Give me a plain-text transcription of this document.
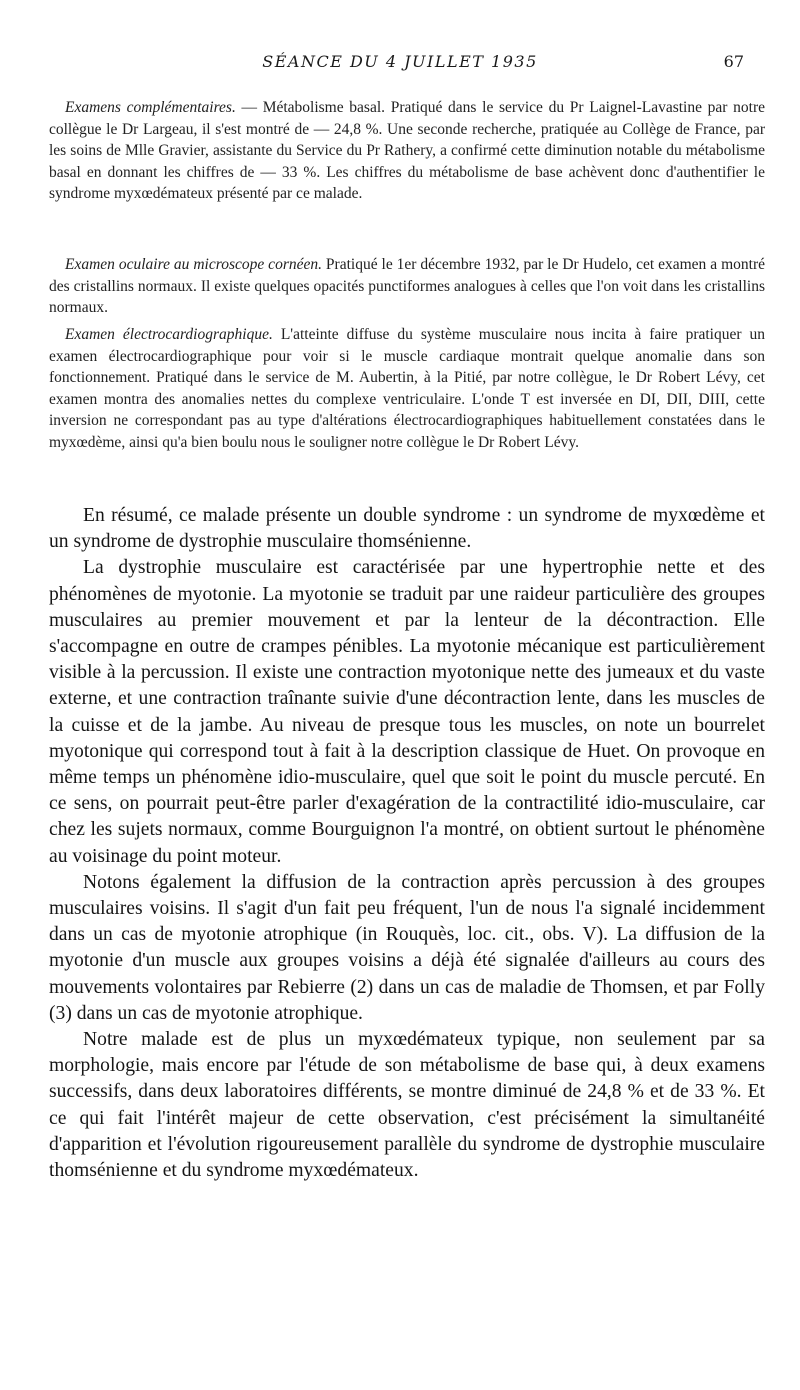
SÉANCE DU 4 JUILLET 1935	67

Examens complémentaires. — Métabolisme basal. Pratiqué dans le service du Pr Laignel-Lavastine par notre collègue le Dr Largeau, il s'est montré de — 24,8 %. Une seconde recherche, pratiquée au Collège de France, par les soins de Mlle Gravier, assistante du Service du Pr Rathery, a confirmé cette diminution notable du métabolisme basal en donnant les chiffres de — 33 %. Les chiffres du métabolisme de base achèvent donc d'authentifier le syndrome myxœdémateux présenté par ce malade.

Examen oculaire au microscope cornéen. Pratiqué le 1er décembre 1932, par le Dr Hudelo, cet examen a montré des cristallins normaux. Il existe quelques opacités punctiformes analogues à celles que l'on voit dans les cristallins normaux.

Examen électrocardiographique. L'atteinte diffuse du système musculaire nous incita à faire pratiquer un examen électrocardiographique pour voir si le muscle cardiaque montrait quelque anomalie dans son fonctionnement. Pratiqué dans le service de M. Aubertin, à la Pitié, par notre collègue, le Dr Robert Lévy, cet examen montra des anomalies nettes du complexe ventriculaire. L'onde T est inversée en DI, DII, DIII, cette inversion ne correspondant pas au type d'altérations électrocardiographiques habituellement constatées dans le myxœdème, ainsi qu'a bien boulu nous le souligner notre collègue le Dr Robert Lévy.

En résumé, ce malade présente un double syndrome : un syndrome de myxœdème et un syndrome de dystrophie musculaire thomsénienne.

La dystrophie musculaire est caractérisée par une hypertrophie nette et des phénomènes de myotonie. La myotonie se traduit par une raideur particulière des groupes musculaires au premier mouvement et par la lenteur de la décontraction. Elle s'accompagne en outre de crampes pénibles. La myotonie mécanique est particulièrement visible à la percussion. Il existe une contraction myotonique nette des jumeaux et du vaste externe, et une contraction traînante suivie d'une décontraction lente, dans les muscles de la cuisse et de la jambe. Au niveau de presque tous les muscles, on note un bourrelet myotonique qui correspond tout à fait à la description classique de Huet. On provoque en même temps un phénomène idio-musculaire, quel que soit le point du muscle percuté. En ce sens, on pourrait peut-être parler d'exagération de la contractilité idio-musculaire, car chez les sujets normaux, comme Bourguignon l'a montré, on obtient surtout le phénomène au voisinage du point moteur.

Notons également la diffusion de la contraction après percussion à des groupes musculaires voisins. Il s'agit d'un fait peu fréquent, l'un de nous l'a signalé incidemment dans un cas de myotonie atrophique (in Rouquès, loc. cit., obs. V). La diffusion de la myotonie d'un muscle aux groupes voisins a déjà été signalée d'ailleurs au cours des mouvements volontaires par Rebierre (2) dans un cas de maladie de Thomsen, et par Folly (3) dans un cas de myotonie atrophique.

Notre malade est de plus un myxœdémateux typique, non seulement par sa morphologie, mais encore par l'étude de son métabolisme de base qui, à deux examens successifs, dans deux laboratoires différents, se montre diminué de 24,8 % et de 33 %. Et ce qui fait l'intérêt majeur de cette observation, c'est précisément la simultanéité d'apparition et l'évolution rigoureusement parallèle du syndrome de dystrophie musculaire thomsénienne et du syndrome myxœdémateux.
